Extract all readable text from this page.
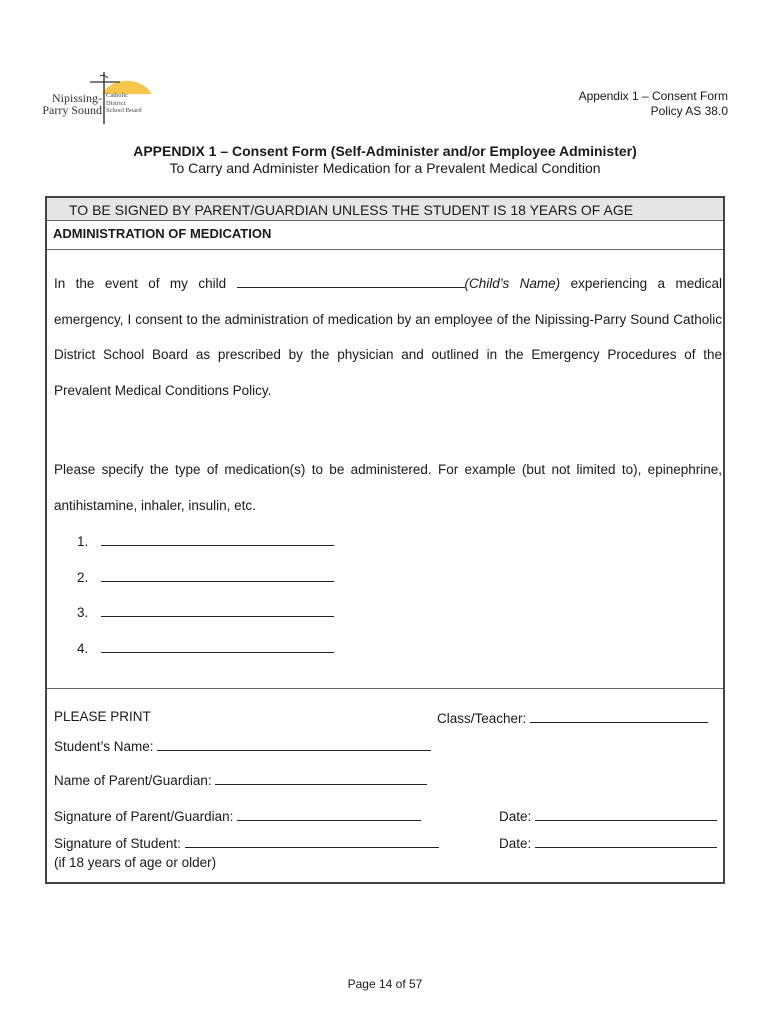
Nipissing-
Parry Sound
Catholic
District
School Board
Appendix 1 – Consent Form
Policy AS 38.0
APPENDIX 1 – Consent Form (Self-Administer and/or Employee Administer)
To Carry and Administer Medication for a Prevalent Medical Condition
TO BE SIGNED BY PARENT/GUARDIAN UNLESS THE STUDENT IS 18 YEARS OF AGE
ADMINISTRATION OF MEDICATION
In the event of my child	(Child’s Name) experiencing a medical emergency, I consent to the administration of medication by an employee of the Nipissing-Parry Sound Catholic District School Board as prescribed by the physician and outlined in the Emergency Procedures of the Prevalent Medical Conditions Policy.
Please specify the type of medication(s) to be administered. For example (but not limited to), epinephrine, antihistamine, inhaler, insulin, etc.
1.
2.
3.
4.
PLEASE PRINT	Class/Teacher:
Student’s Name:
Name of Parent/Guardian:
Signature of Parent/Guardian:	Date:
Signature of Student:	Date:
(if 18 years of age or older)
Page 14 of 57
